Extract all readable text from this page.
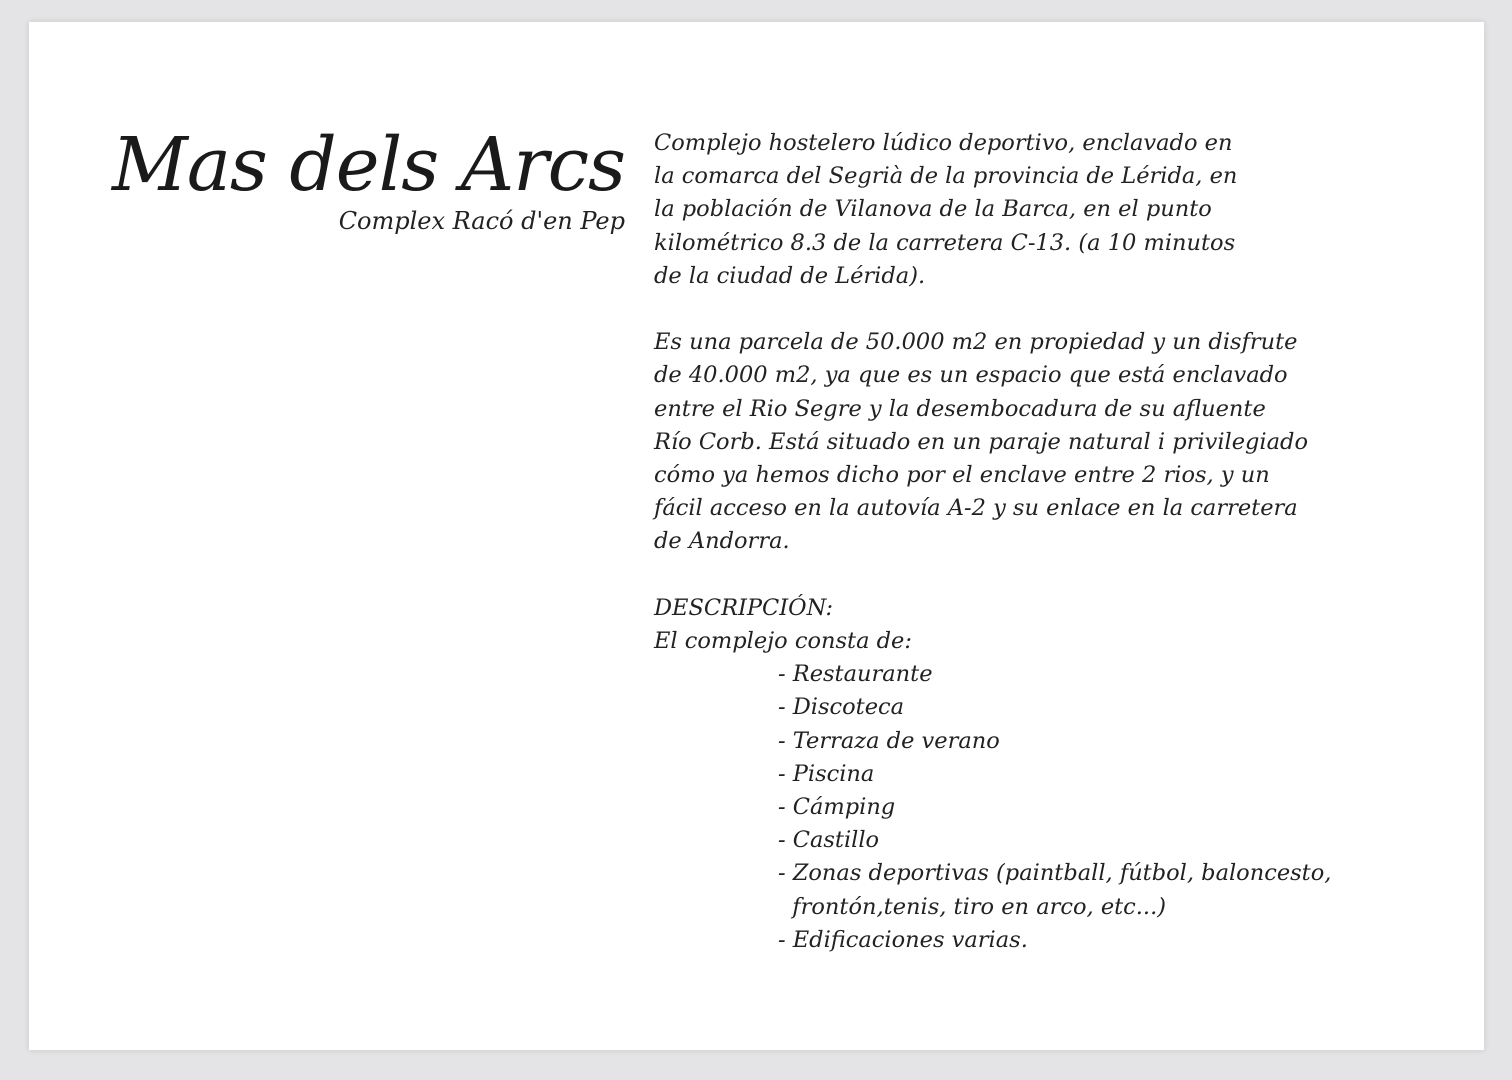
Mas dels Arcs

Complex Racó d'en Pep

Complejo hostelero lúdico deportivo, enclavado en

la comarca del Segrià de la provincia de Lérida, en

la población de Vilanova de la Barca, en el punto

kilométrico 8.3 de la carretera C-13. (a 10 minutos

de la ciudad de Lérida).

Es una parcela de 50.000 m2 en propiedad y un disfrute

de 40.000 m2, ya que es un espacio que está enclavado

entre el Rio Segre y la desembocadura de su afluente

Río Corb. Está situado en un paraje natural i privilegiado

cómo ya hemos dicho por el enclave entre 2 rios, y un

fácil acceso en la autovía A-2 y su enlace en la carretera

de Andorra.

DESCRIPCIÓN:

El complejo consta de:

- Restaurante
- Discoteca
- Terraza de verano
- Piscina
- Cámping
- Castillo
- Zonas deportivas (paintball, fútbol, baloncesto,
frontón,tenis, tiro en arco, etc...)
- Edificaciones varias.
